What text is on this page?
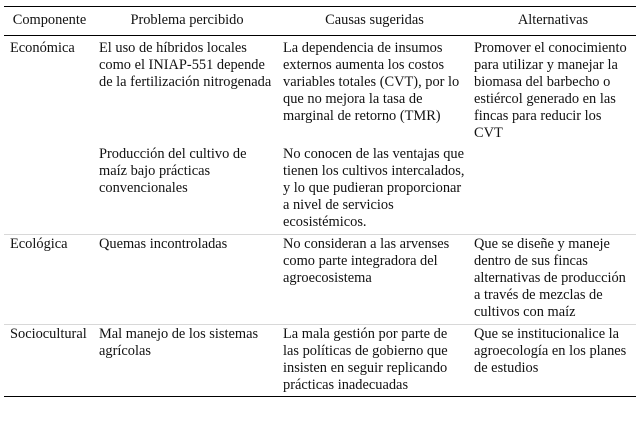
Componente	Problema percibido	Causas sugeridas	Alternativas
Económica	El uso de híbridos locales como el INIAP-551 depende de la fertilización nitrogenada	La dependencia de insumos externos aumenta los costos variables totales (CVT), por lo que no mejora la tasa de marginal de retorno (TMR)	Promover el conocimiento para utilizar y manejar la biomasa del barbecho o estiércol generado en las fincas para reducir los CVT
	Producción del cultivo de maíz bajo prácticas convencionales	No conocen de las ventajas que tienen los cultivos intercalados, y lo que pudieran proporcionar a nivel de servicios ecosistémicos.	
Ecológica	Quemas incontroladas	No consideran a las arvenses como parte integradora del agroecosistema	Que se diseñe y maneje dentro de sus fincas alternativas de producción a través de mezclas de cultivos con maíz
Sociocultural	Mal manejo de los sistemas agrícolas	La mala gestión por parte de las políticas de gobierno que insisten en seguir replicando prácticas inadecuadas	Que se institucionalice la agroecología en los planes de estudios
